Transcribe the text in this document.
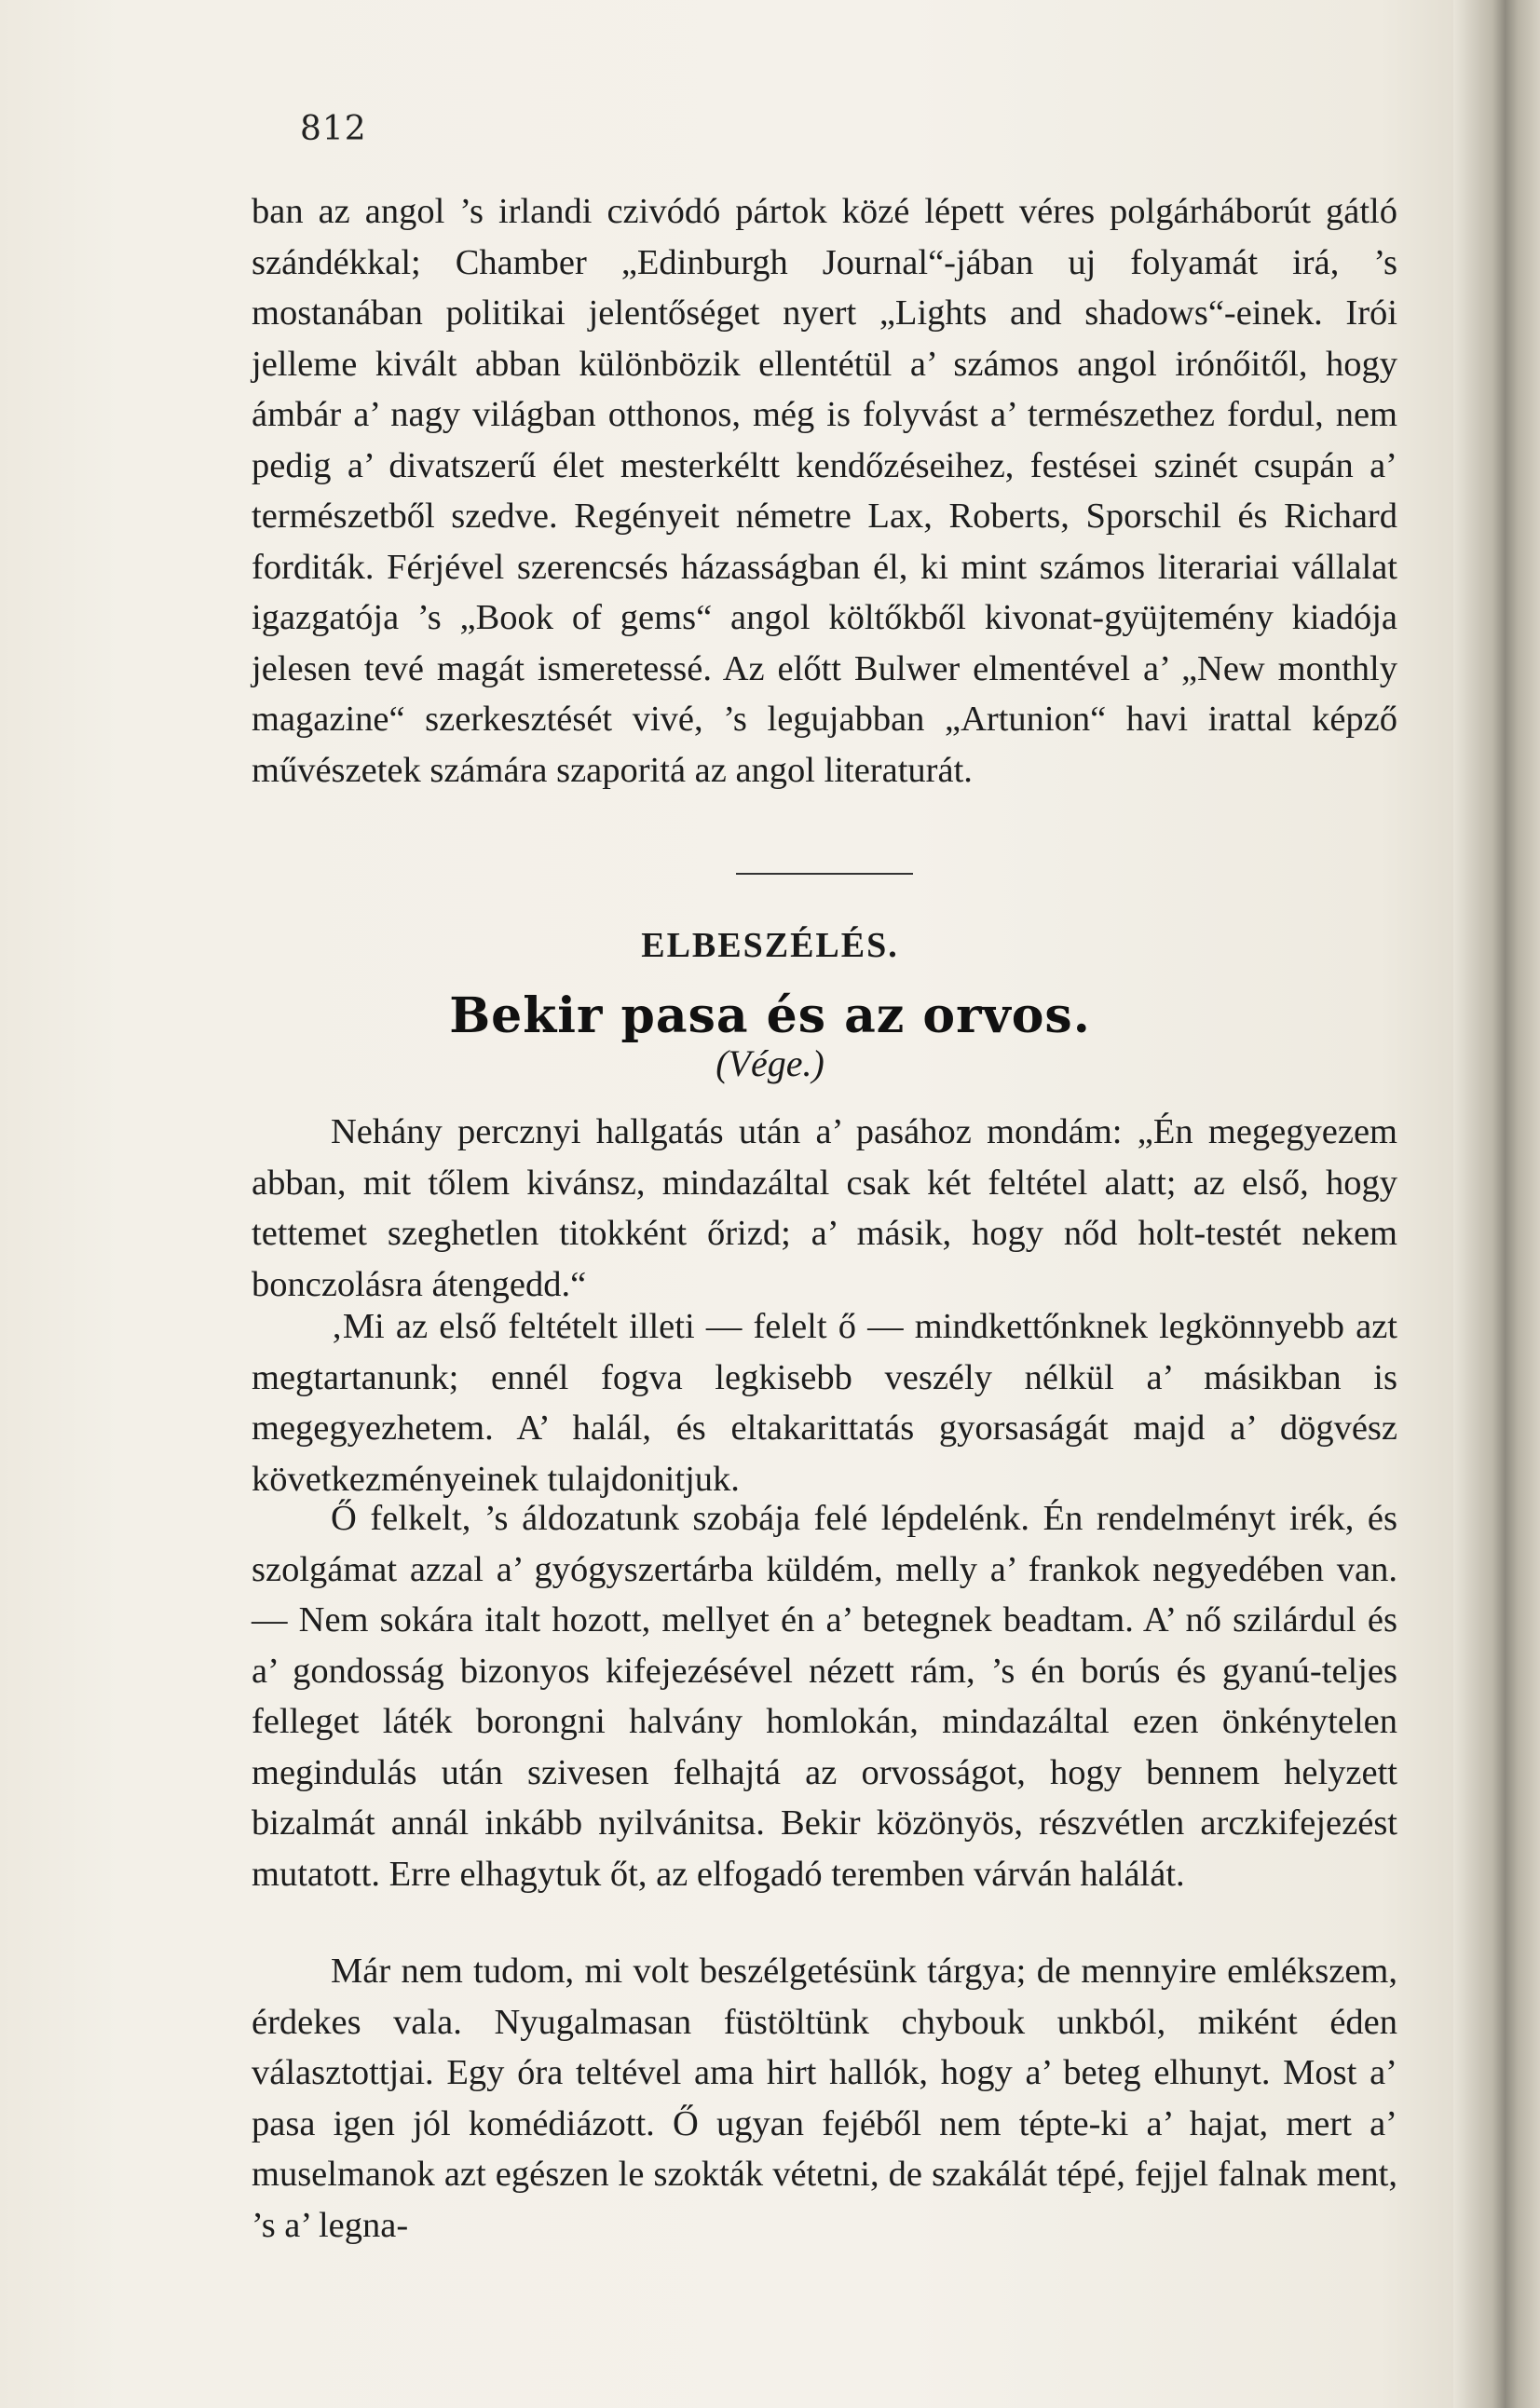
812

ban az angol ’s irlandi czivódó pártok közé lépett véres polgárháborút gátló szándékkal; Chamber „Edinburgh Journal“-jában uj folyamát irá, ’s mostanában politikai jelentőséget nyert „Lights and shadows“-einek. Irói jelleme kivált abban különbözik ellentétül a’ számos angol irónőitől, hogy ámbár a’ nagy világban otthonos, még is folyvást a’ természethez fordul, nem pedig a’ divatszerű élet mesterkéltt kendőzéseihez, festései szinét csupán a’ természetből szedve. Regényeit németre Lax, Roberts, Sporschil és Richard forditák. Férjével szerencsés házasságban él, ki mint számos literariai vállalat igazgatója ’s „Book of gems“ angol költőkből kivonat-gyüjtemény kiadója jelesen tevé magát ismeretessé. Az előtt Bulwer elmentével a’ „New monthly magazine“ szerkesztését vivé, ’s legujabban „Artunion“ havi irattal képző művészetek számára szaporitá az angol literaturát.

ELBESZÉLÉS.
Bekir pasa és az orvos.
(Vége.)

Nehány percznyi hallgatás után a’ pasához mondám: „Én megegyezem abban, mit tőlem kivánsz, mindazáltal csak két feltétel alatt; az első, hogy tettemet szeghetlen titokként őrizd; a’ másik, hogy nőd holt-testét nekem bonczolásra átengedd.“

‚Mi az első feltételt illeti — felelt ő — mindkettőnknek legkönnyebb azt megtartanunk; ennél fogva legkisebb veszély nélkül a’ másikban is megegyezhetem. A’ halál, és eltakarittatás gyorsaságát majd a’ dögvész következményeinek tulajdonitjuk.

Ő felkelt, ’s áldozatunk szobája felé lépdelénk. Én rendelményt irék, és szolgámat azzal a’ gyógyszertárba küldém, melly a’ frankok negyedében van. — Nem sokára italt hozott, mellyet én a’ betegnek beadtam. A’ nő szilárdul és a’ gondosság bizonyos kifejezésével nézett rám, ’s én borús és gyanú-teljes felleget láték borongni halvány homlokán, mindazáltal ezen önkénytelen megindulás után szivesen felhajtá az orvosságot, hogy bennem helyzett bizalmát annál inkább nyilvánitsa. Bekir közönyös, részvétlen arczkifejezést mutatott. Erre elhagytuk őt, az elfogadó teremben várván halálát.

Már nem tudom, mi volt beszélgetésünk tárgya; de mennyire emlékszem, érdekes vala. Nyugalmasan füstöltünk chybouk unkból, miként éden választottjai. Egy óra teltével ama hirt hallók, hogy a’ beteg elhunyt. Most a’ pasa igen jól komédiázott. Ő ugyan fejéből nem tépte-ki a’ hajat, mert a’ muselmanok azt egészen le szokták vétetni, de szakálát tépé, fejjel falnak ment, ’s a’ legna-
